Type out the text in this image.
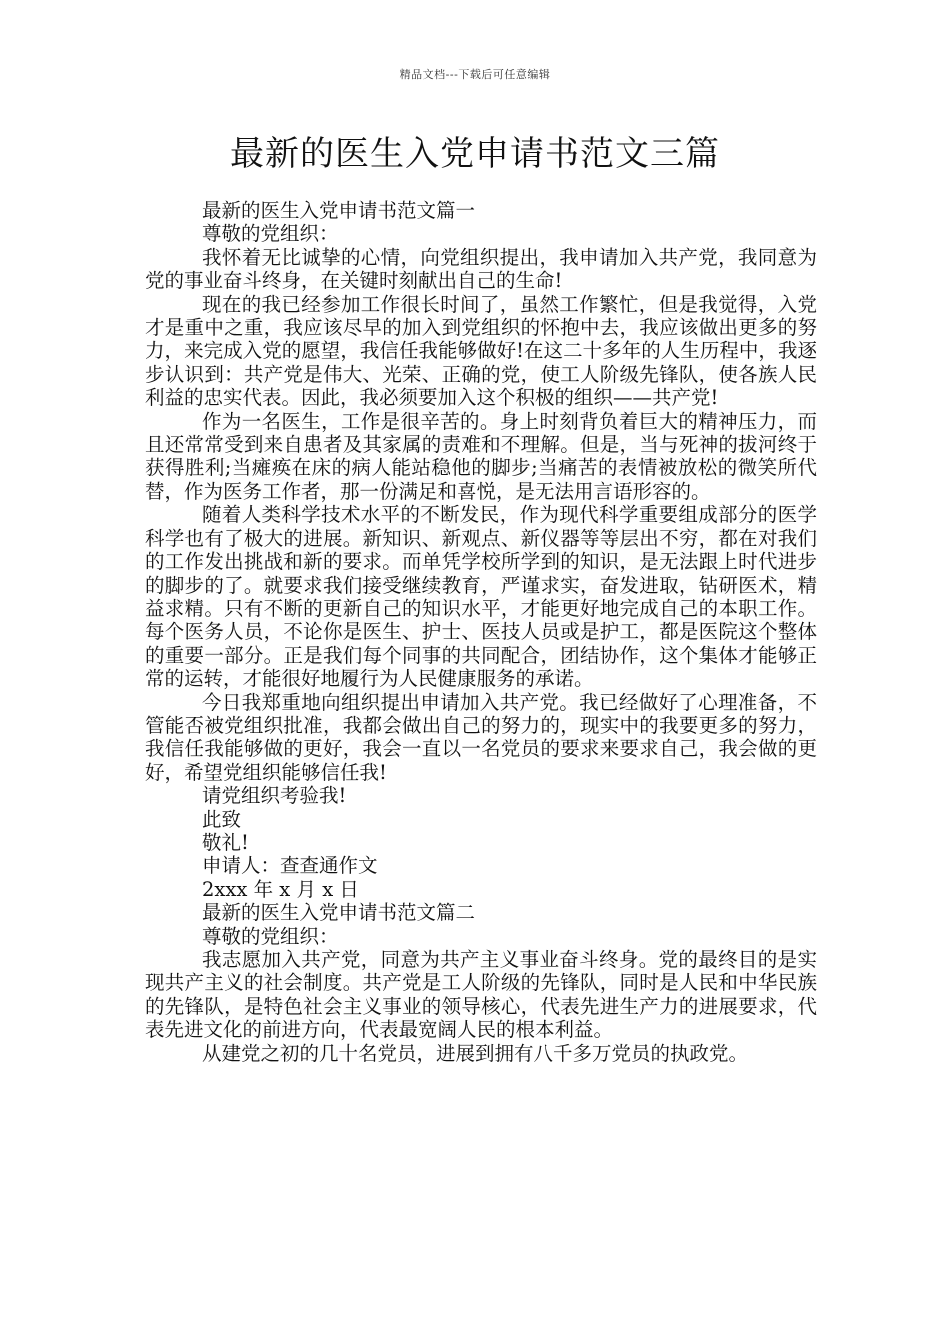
精品文档---下载后可任意编辑
最新的医生入党申请书范文三篇

最新的医生入党申请书范文篇一

尊敬的党组织：

我怀着无比诚挚的心情，向党组织提出，我申请加入共产党，我同意为党的事业奋斗终身，在关键时刻献出自己的生命!

现在的我已经参加工作很长时间了，虽然工作繁忙，但是我觉得，入党才是重中之重，我应该尽早的加入到党组织的怀抱中去，我应该做出更多的努力，来完成入党的愿望，我信任我能够做好!在这二十多年的人生历程中，我逐步认识到：共产党是伟大、光荣、正确的党，使工人阶级先锋队，使各族人民利益的忠实代表。因此，我必须要加入这个积极的组织——共产党!

作为一名医生，工作是很辛苦的。身上时刻背负着巨大的精神压力，而且还常常受到来自患者及其家属的责难和不理解。但是，当与死神的拔河终于获得胜利;当瘫痪在床的病人能站稳他的脚步;当痛苦的表情被放松的微笑所代替，作为医务工作者，那一份满足和喜悦，是无法用言语形容的。

随着人类科学技术水平的不断发民，作为现代科学重要组成部分的医学科学也有了极大的进展。新知识、新观点、新仪器等等层出不穷，都在对我们的工作发出挑战和新的要求。而单凭学校所学到的知识，是无法跟上时代进步的脚步的了。就要求我们接受继续教育，严谨求实，奋发进取，钻研医术，精益求精。只有不断的更新自己的知识水平，才能更好地完成自己的本职工作。每个医务人员，不论你是医生、护士、医技人员或是护工，都是医院这个整体的重要一部分。正是我们每个同事的共同配合，团结协作，这个集体才能够正常的运转，才能很好地履行为人民健康服务的承诺。

今日我郑重地向组织提出申请加入共产党。我已经做好了心理准备，不管能否被党组织批准，我都会做出自己的努力的，现实中的我要更多的努力，我信任我能够做的更好，我会一直以一名党员的要求来要求自己，我会做的更好，希望党组织能够信任我!

请党组织考验我!

此致

敬礼!

申请人：查查通作文

2xxx 年 x 月 x 日

最新的医生入党申请书范文篇二

尊敬的党组织：

我志愿加入共产党，同意为共产主义事业奋斗终身。党的最终目的是实现共产主义的社会制度。共产党是工人阶级的先锋队，同时是人民和中华民族的先锋队，是特色社会主义事业的领导核心，代表先进生产力的进展要求，代表先进文化的前进方向，代表最宽阔人民的根本利益。

从建党之初的几十名党员，进展到拥有八千多万党员的执政党。
